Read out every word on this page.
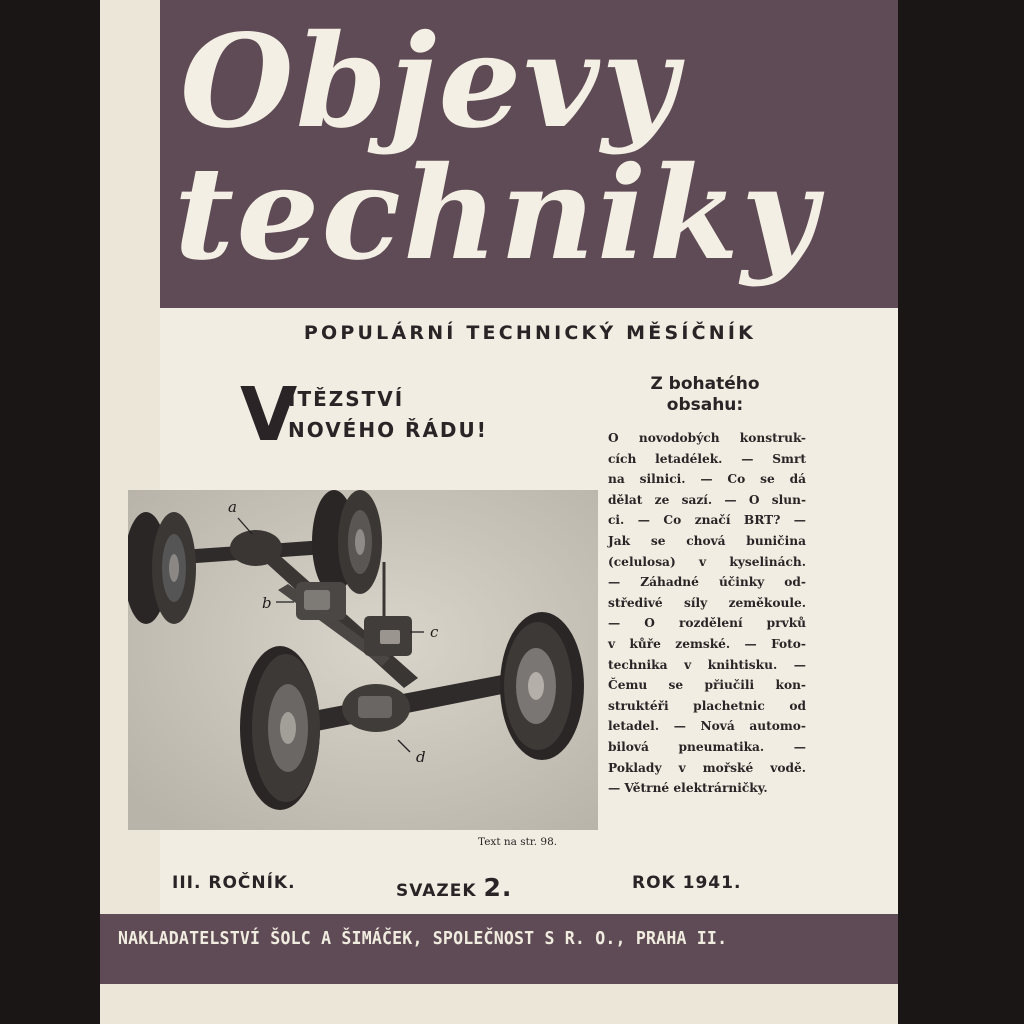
Objevy
techniky

POPULÁRNÍ TECHNICKÝ MĚSÍČNÍK

V
ÍTĚZSTVÍ
NOVÉHO ŘÁDU!
a
b
c
d
Text na str. 98.
Z bohatého
obsahu:
O novodobých konstruk-
cích letadélek. — Smrt
na silnici. — Co se dá
dělat ze sazí. — O slun-
ci. — Co značí BRT? —
Jak se chová buničina
(celulosa) v kyselinách.
— Záhadné účinky od-
středivé síly zeměkoule.
— O rozdělení prvků
v kůře zemské. — Foto-
technika v knihtisku. —
Čemu se přiučili kon-
struktéři plachetnic od
letadel. — Nová automo-
bilová pneumatika. —
Poklady v mořské vodě.
— Větrné elektrárničky.
III. ROČNÍK.	SVAZEK 2.	ROK 1941.

NAKLADATELSTVÍ ŠOLC A ŠIMÁČEK, SPOLEČNOST S R. O., PRAHA II.
